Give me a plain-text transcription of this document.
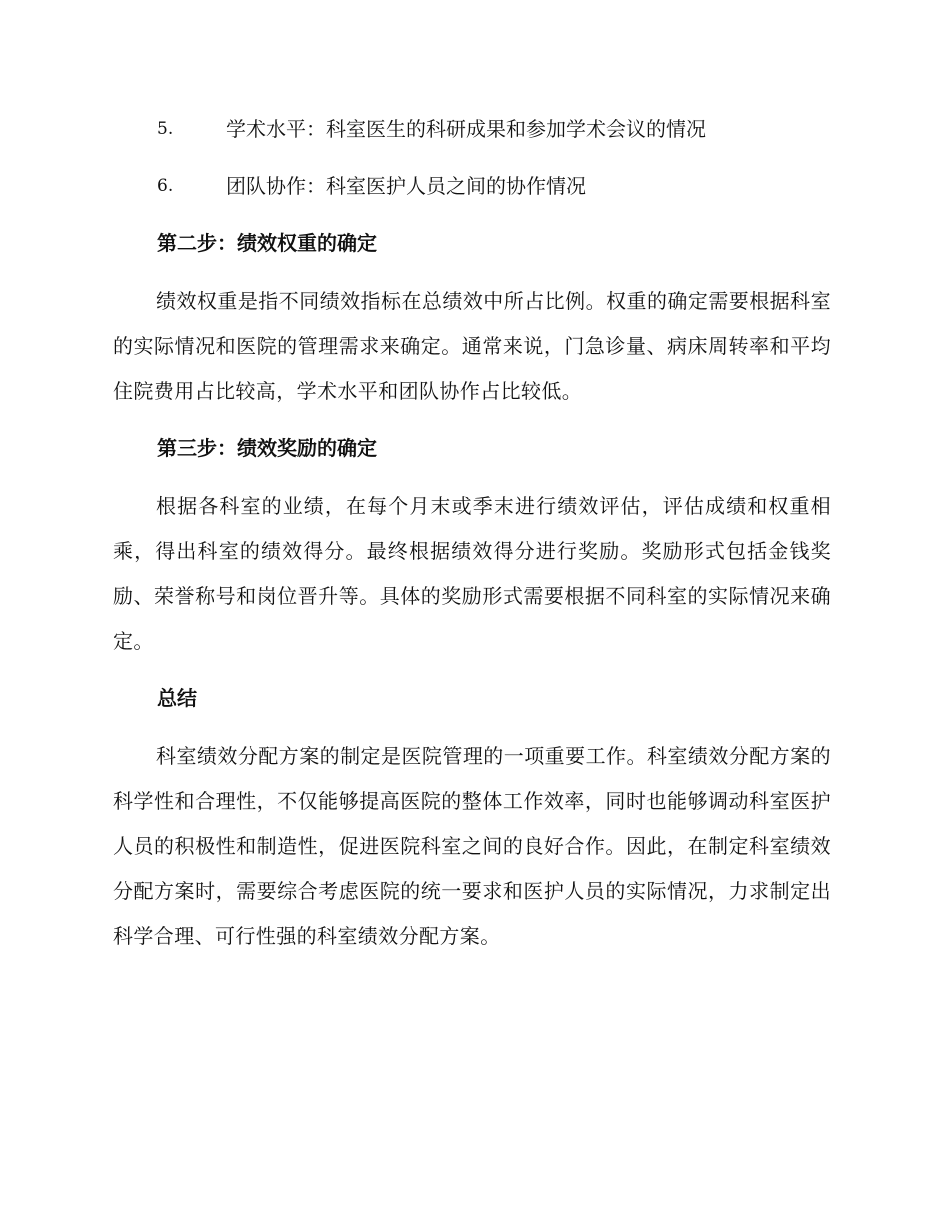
5.	学术水平：科室医生的科研成果和参加学术会议的情况
6.	团队协作：科室医护人员之间的协作情况
第二步：绩效权重的确定

绩效权重是指不同绩效指标在总绩效中所占比例。权重的确定需要根据科室的实际情况和医院的管理需求来确定。通常来说，门急诊量、病床周转率和平均住院费用占比较高，学术水平和团队协作占比较低。

第三步：绩效奖励的确定

根据各科室的业绩，在每个月末或季末进行绩效评估，评估成绩和权重相乘，得出科室的绩效得分。最终根据绩效得分进行奖励。奖励形式包括金钱奖励、荣誉称号和岗位晋升等。具体的奖励形式需要根据不同科室的实际情况来确定。

总结

科室绩效分配方案的制定是医院管理的一项重要工作。科室绩效分配方案的科学性和合理性，不仅能够提高医院的整体工作效率，同时也能够调动科室医护人员的积极性和制造性，促进医院科室之间的良好合作。因此，在制定科室绩效分配方案时，需要综合考虑医院的统一要求和医护人员的实际情况，力求制定出科学合理、可行性强的科室绩效分配方案。
